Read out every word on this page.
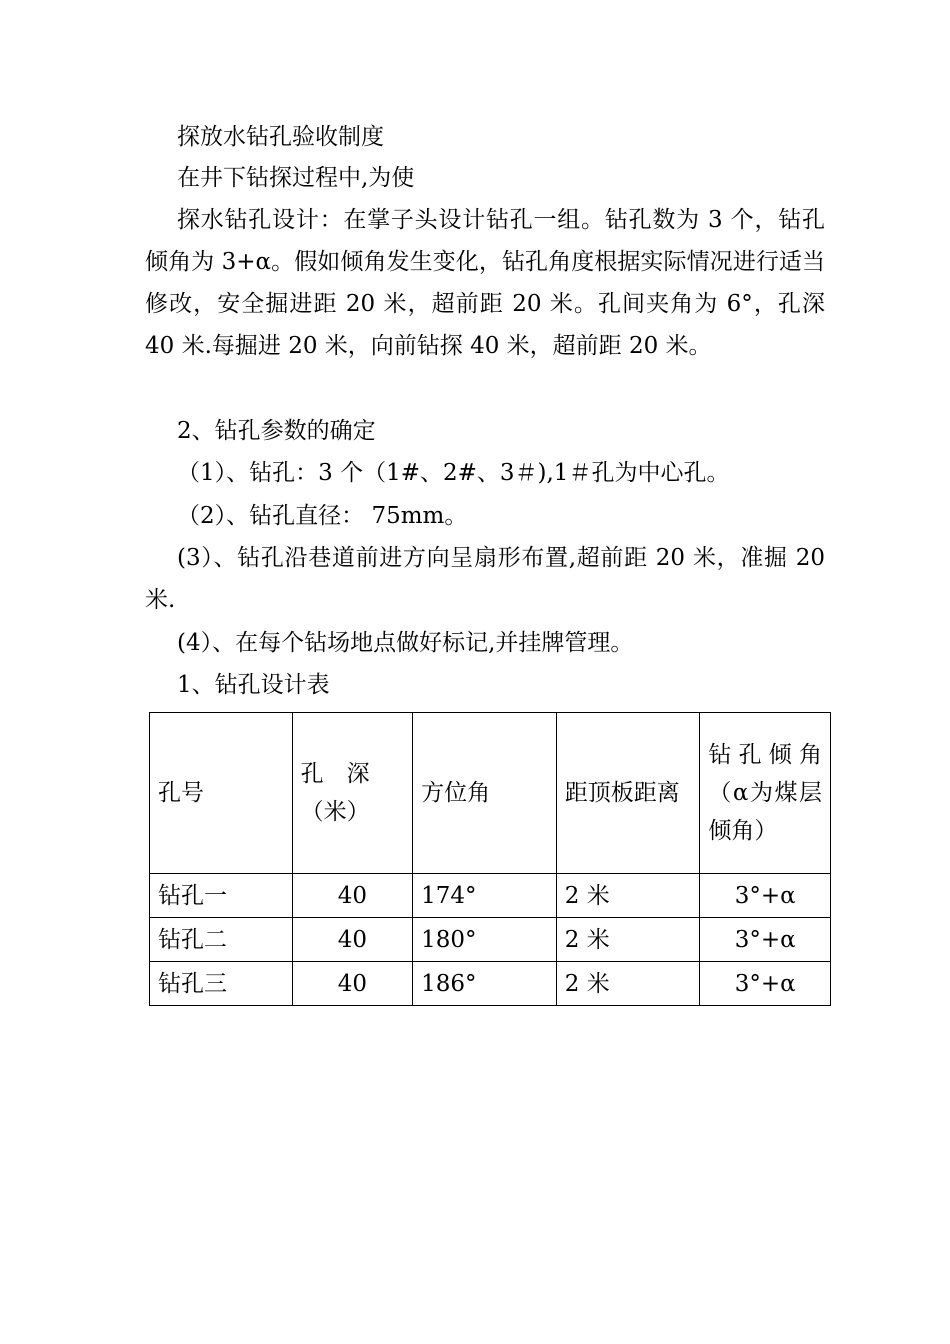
探放水钻孔验收制度
在井下钻探过程中,为使
探水钻孔设计：在掌子头设计钻孔一组。钻孔数为 3 个，钻孔倾角为 3+α。假如倾角发生变化，钻孔角度根据实际情况进行适当修改，安全掘进距 20 米，超前距 20 米。孔间夹角为 6°，孔深 40 米.每掘进 20 米，向前钻探 40 米，超前距 20 米。
2、钻孔参数的确定
（1）、钻孔：3 个（1#、2#、3＃),1＃孔为中心孔。
（2）、钻孔直径： 75mm。
(3）、钻孔沿巷道前进方向呈扇形布置,超前距 20 米，准掘 20 米.
(4）、在每个钻场地点做好标记,并挂牌管理。
1、钻孔设计表
孔号	孔　深（米）	方位角	距顶板距离	钻孔倾角（α为煤层倾角）
钻孔一	40	174°	2 米	3°+α
钻孔二	40	180°	2 米	3°+α
钻孔三	40	186°	2 米	3°+α
